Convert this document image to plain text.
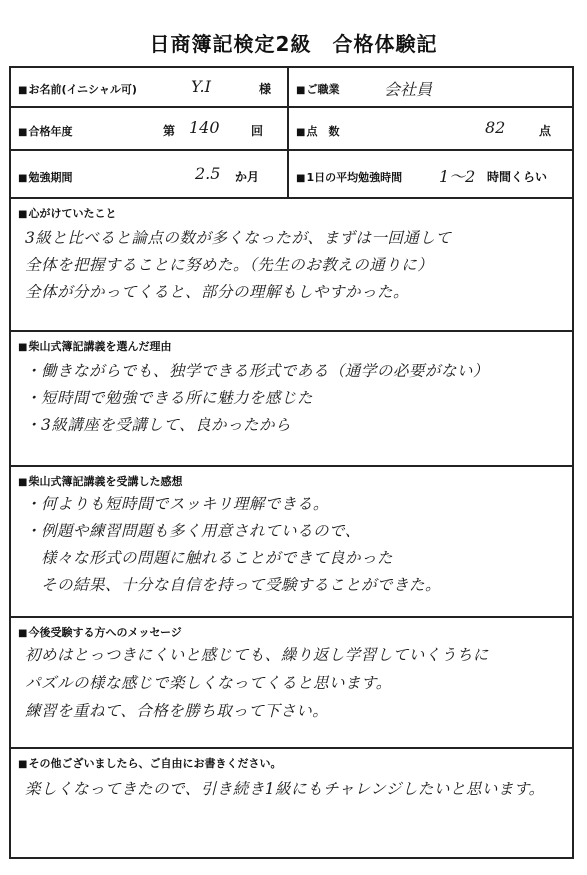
日商簿記検定2級　合格体験記
■ お名前(イニシャル可)	Y.I	様	■ ご職業	会社員
■ 合格年度	第 140	回	■ 点　数	82	点
■ 勉強期間	2.5 か月	■ 1日の平均勉強時間 1～2 時間くらい
■ 心がけていたこと
3級と比べると論点の数が多くなったが、まずは一回通して
全体を把握することに努めた。（先生のお教えの通りに）
全体が分かってくると、部分の理解もしやすかった。
■ 柴山式簿記講義を選んだ理由
・働きながらでも、独学できる形式である（通学の必要がない）
・短時間で勉強できる所に魅力を感じた
・3級講座を受講して、良かったから
■ 柴山式簿記講義を受講した感想
・何よりも短時間でスッキリ理解できる。
・例題や練習問題も多く用意されているので、
　様々な形式の問題に触れることができて良かった
　その結果、十分な自信を持って受験することができた。
■ 今後受験する方へのメッセージ
初めはとっつきにくいと感じても、繰り返し学習していくうちに
パズルの様な感じで楽しくなってくると思います。
練習を重ねて、合格を勝ち取って下さい。
■ その他ございましたら、ご自由にお書きください。
楽しくなってきたので、引き続き1級にもチャレンジしたいと思います。
